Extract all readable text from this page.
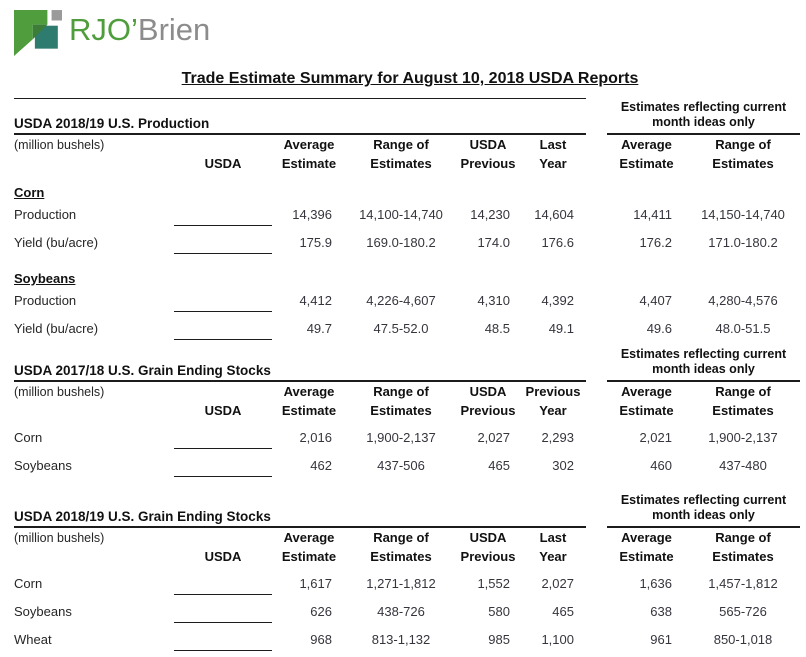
RJO’Brien
Trade Estimate Summary for August 10, 2018 USDA Reports
USDA 2018/19 U.S. Production
Estimates reflecting current
month ideas only
(million bushels)	Average	Range of	USDA	Last	Average	Range of
USDA	Estimate	Estimates	Previous	Year	Estimate	Estimates
Corn
Production	14,396	14,100-14,740	14,230	14,604	14,411	14,150-14,740
Yield (bu/acre)	175.9	169.0-180.2	174.0	176.6	176.2	171.0-180.2
Soybeans
Production	4,412	4,226-4,607	4,310	4,392	4,407	4,280-4,576
Yield (bu/acre)	49.7	47.5-52.0	48.5	49.1	49.6	48.0-51.5
USDA 2017/18 U.S. Grain Ending Stocks
Estimates reflecting current
month ideas only
(million bushels)	Average	Range of	USDA	Previous	Average	Range of
USDA	Estimate	Estimates	Previous	Year	Estimate	Estimates
Corn	2,016	1,900-2,137	2,027	2,293	2,021	1,900-2,137
Soybeans	462	437-506	465	302	460	437-480
USDA 2018/19 U.S. Grain Ending Stocks
Estimates reflecting current
month ideas only
(million bushels)	Average	Range of	USDA	Last	Average	Range of
USDA	Estimate	Estimates	Previous	Year	Estimate	Estimates
Corn	1,617	1,271-1,812	1,552	2,027	1,636	1,457-1,812
Soybeans	626	438-726	580	465	638	565-726
Wheat	968	813-1,132	985	1,100	961	850-1,018
